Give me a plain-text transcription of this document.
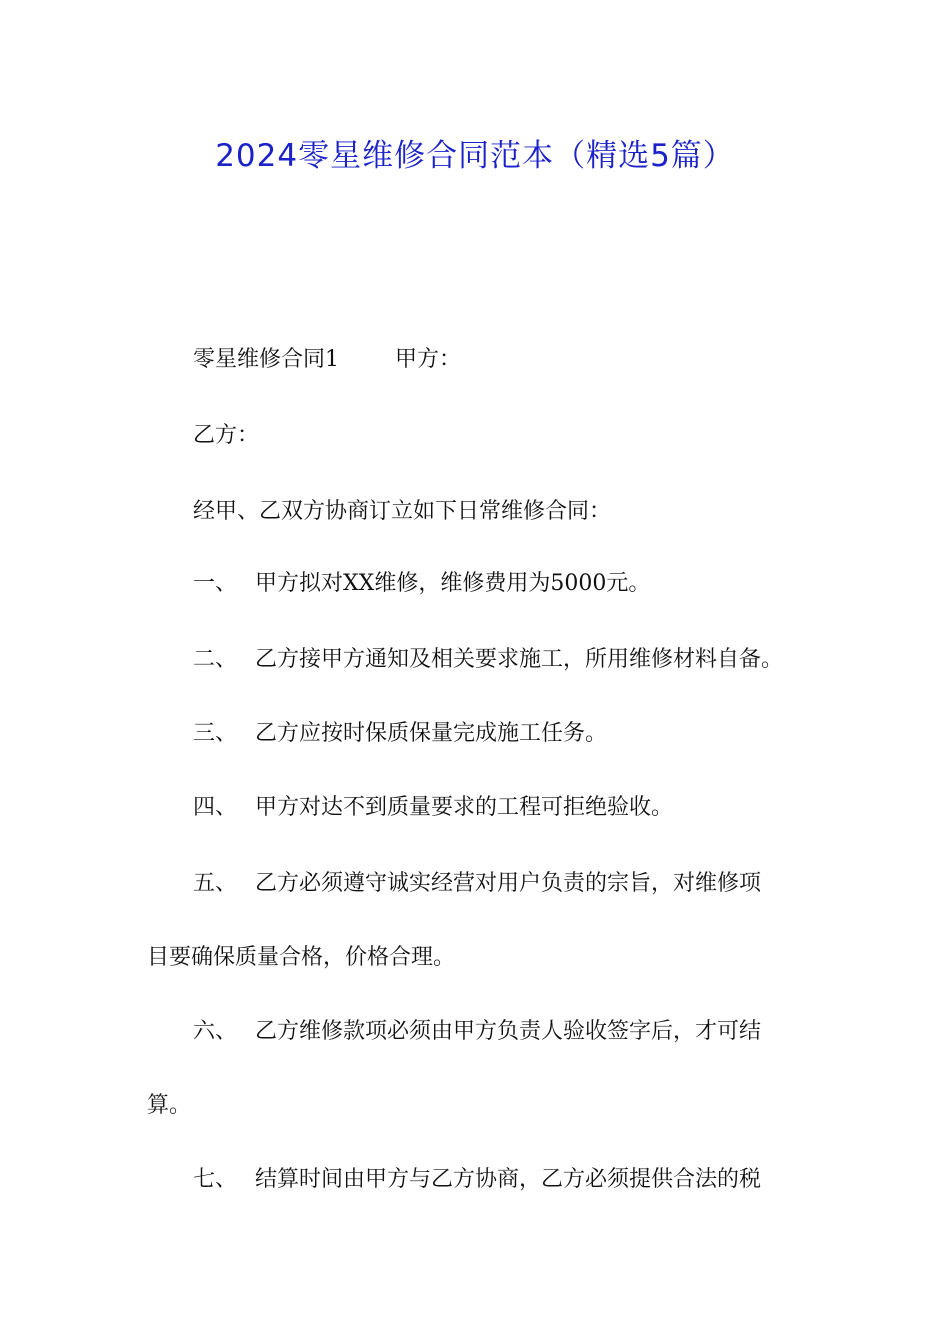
2024零星维修合同范本（精选5篇）
零星维修合同1	甲方：
乙方：
经甲、乙双方协商订立如下日常维修合同：
一、 甲方拟对XX维修，维修费用为5000元。
二、 乙方接甲方通知及相关要求施工，所用维修材料自备。
三、 乙方应按时保质保量完成施工任务。
四、 甲方对达不到质量要求的工程可拒绝验收。
五、 乙方必须遵守诚实经营对用户负责的宗旨，对维修项
目要确保质量合格，价格合理。
六、 乙方维修款项必须由甲方负责人验收签字后，才可结
算。
七、 结算时间由甲方与乙方协商，乙方必须提供合法的税
